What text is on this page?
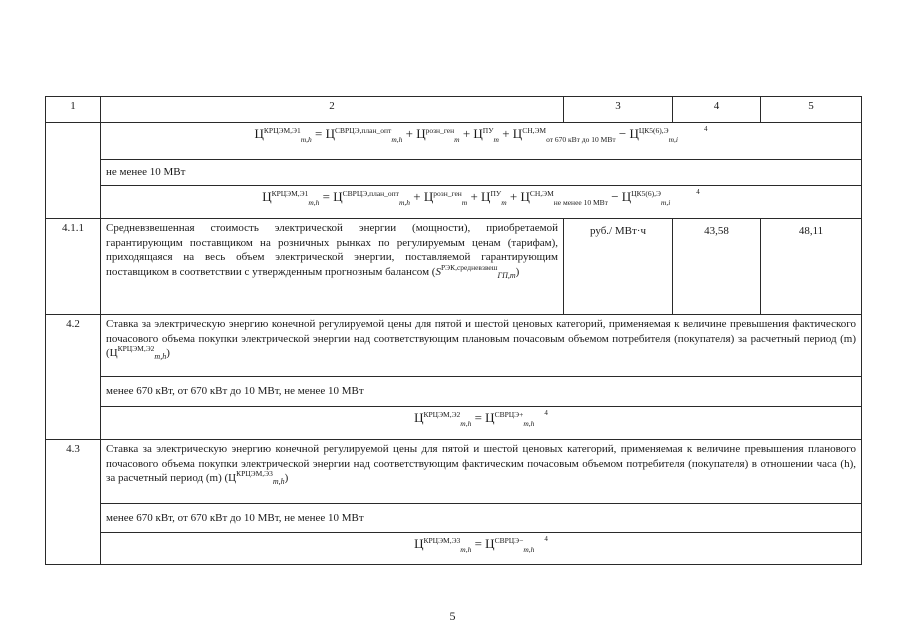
1	2	3	4	5
	$Ц^{КРЦЭМ,Э1}_{m,h} = Ц^{СВРЦЭ,план\_опт}_{m,h} + Ц^{розн\_ген}_m + Ц^{ПУ}_m + Ц^{СН,ЭМ}_{от 670 кВт до 10 МВт} - Ц^{ЦК5(6),Э}_{m,i}^4$
	не менее 10 МВт			
	$Ц^{КРЦЭМ,Э1}_{m,h} = Ц^{СВРЦЭ,план\_опт}_{m,h} + Ц^{розн\_ген}_m + Ц^{ПУ}_m + Ц^{СН,ЭМ}_{не менее 10 МВт} - Ц^{ЦК5(6),Э}_{m,i}^4$
4.1.1	Средневзвешенная стоимость электрической энергии (мощности), приобретаемой гарантирующим поставщиком на розничных рынках по регулируемым ценам (тарифам), приходящаяся на весь объем электрической энергии, поставляемой гарантирующим поставщиком в соответствии с утвержденным прогнозным балансом $(S^{РЭК,средневзвеш}_{ГП,m})$	руб./ МВт·ч	43,58	48,11
4.2	Ставка за электрическую энергию конечной регулируемой цены для пятой и шестой ценовых категорий, применяемая к величине превышения фактического почасового объема покупки электрической энергии над соответствующим плановым почасовым объемом потребителя (покупателя) за расчетный период (m) $(Ц^{КРЦЭМ,Э2}_{m,h})$			
	менее 670 кВт, от 670 кВт до 10 МВт, не менее 10 МВт			
	$Ц^{КРЦЭМ,Э2}_{m,h} = Ц^{СВРЦЭ+}_{m,h}^4$
4.3	Ставка за электрическую энергию конечной регулируемой цены для пятой и шестой ценовых категорий, применяемая к величине превышения планового почасового объема покупки электрической энергии над соответствующим фактическим почасовым объемом потребителя (покупателя) в отношении часа (h), за расчетный период (m) $(Ц^{КРЦЭМ,Э3}_{m,h})$			
	менее 670 кВт, от 670 кВт до 10 МВт, не менее 10 МВт			
	$Ц^{КРЦЭМ,Э3}_{m,h} = Ц^{СВРЦЭ-}_{m,h}^4$
5
